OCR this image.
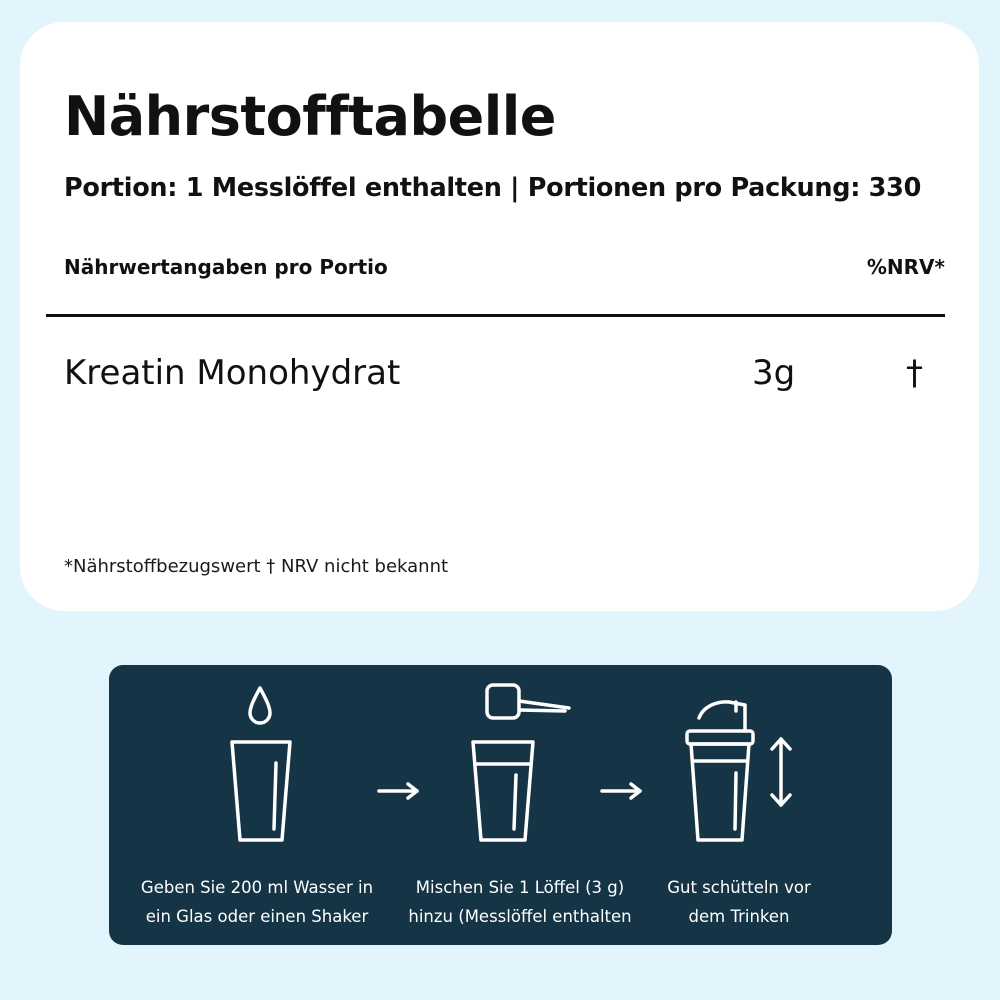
Nährstofftabelle
Portion: 1 Messlöffel enthalten | Portionen pro Packung: 330
Nährwertangaben pro Portio	%NRV*
Kreatin Monohydrat	3g	†
*Nährstoffbezugswert † NRV nicht bekannt
Geben Sie 200 ml Wasser in
ein Glas oder einen Shaker
Mischen Sie 1 Löffel (3 g)
hinzu (Messlöffel enthalten
Gut schütteln vor
dem Trinken
